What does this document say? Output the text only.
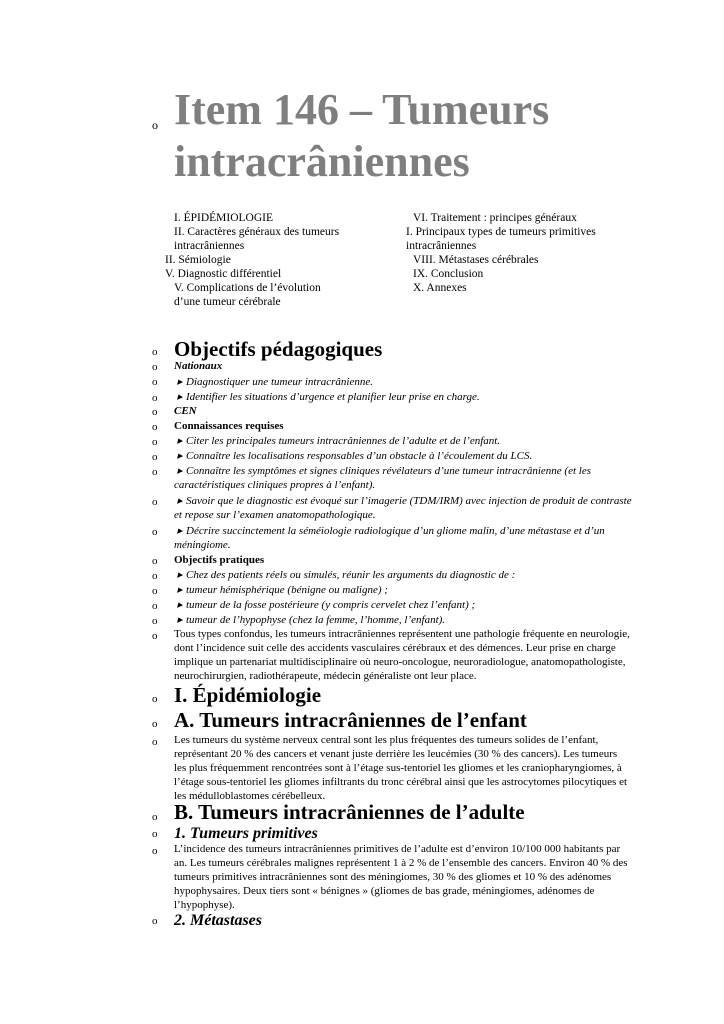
o Item 146 – Tumeurs intracrâniennes
I. ÉPIDÉMIOLOGIE
II. Caractères généraux des tumeurs intracrâniennes
II. Sémiologie
V. Diagnostic différentiel
V. Complications de l’évolution d’une tumeur cérébrale
VI. Traitement : principes généraux
I. Principaux types de tumeurs primitives intracrâniennes
VIII. Métastases cérébrales
IX. Conclusion
X. Annexes
o Objectifs pédagogiques
o Nationaux
o	▶ Diagnostiquer une tumeur intracrânienne.
o	▶ Identifier les situations d’urgence et planifier leur prise en charge.
o CEN
o Connaissances requises
o	▶ Citer les principales tumeurs intracrâniennes de l’adulte et de l’enfant.
o	▶ Connaître les localisations responsables d’un obstacle à l’écoulement du LCS.
o	▶ Connaître les symptômes et signes cliniques révélateurs d’une tumeur intracrânienne (et les caractéristiques cliniques propres à l’enfant).
o	▶ Savoir que le diagnostic est évoqué sur l’imagerie (TDM/IRM) avec injection de produit de contraste et repose sur l’examen anatomopathologique.
o	▶ Décrire succinctement la séméiologie radiologique d’un gliome malin, d’une métastase et d’un méningiome.
o Objectifs pratiques
o	▶ Chez des patients réels ou simulés, réunir les arguments du diagnostic de :
o	▶ tumeur hémisphérique (bénigne ou maligne) ;
o	▶ tumeur de la fosse postérieure (y compris cervelet chez l’enfant) ;
o	▶ tumeur de l’hypophyse (chez la femme, l’homme, l’enfant).
o Tous types confondus, les tumeurs intracrâniennes représentent une pathologie fréquente en neurologie, dont l’incidence suit celle des accidents vasculaires cérébraux et des démences. Leur prise en charge implique un partenariat multidisciplinaire où neuro-oncologue, neuroradiologue, anatomopathologiste, neurochirurgien, radiothérapeute, médecin généraliste ont leur place.
o I. Épidémiologie
o A. Tumeurs intracrâniennes de l’enfant
o Les tumeurs du système nerveux central sont les plus fréquentes des tumeurs solides de l’enfant, représentant 20 % des cancers et venant juste derrière les leucémies (30 % des cancers). Les tumeurs les plus fréquemment rencontrées sont à l’étage sus-tentoriel les gliomes et les craniopharyngiomes, à l’étage sous-tentoriel les gliomes infiltrants du tronc cérébral ainsi que les astrocytomes pilocytiques et les médulloblastomes cérébelleux.
o B. Tumeurs intracrâniennes de l’adulte
o 1. Tumeurs primitives
o L’incidence des tumeurs intracrâniennes primitives de l’adulte est d’environ 10/100 000 habitants par an. Les tumeurs cérébrales malignes représentent 1 à 2 % de l’ensemble des cancers. Environ 40 % des tumeurs primitives intracrâniennes sont des méningiomes, 30 % des gliomes et 10 % des adénomes hypophysaires. Deux tiers sont « bénignes » (gliomes de bas grade, méningiomes, adénomes de l’hypophyse).
o 2. Métastases
